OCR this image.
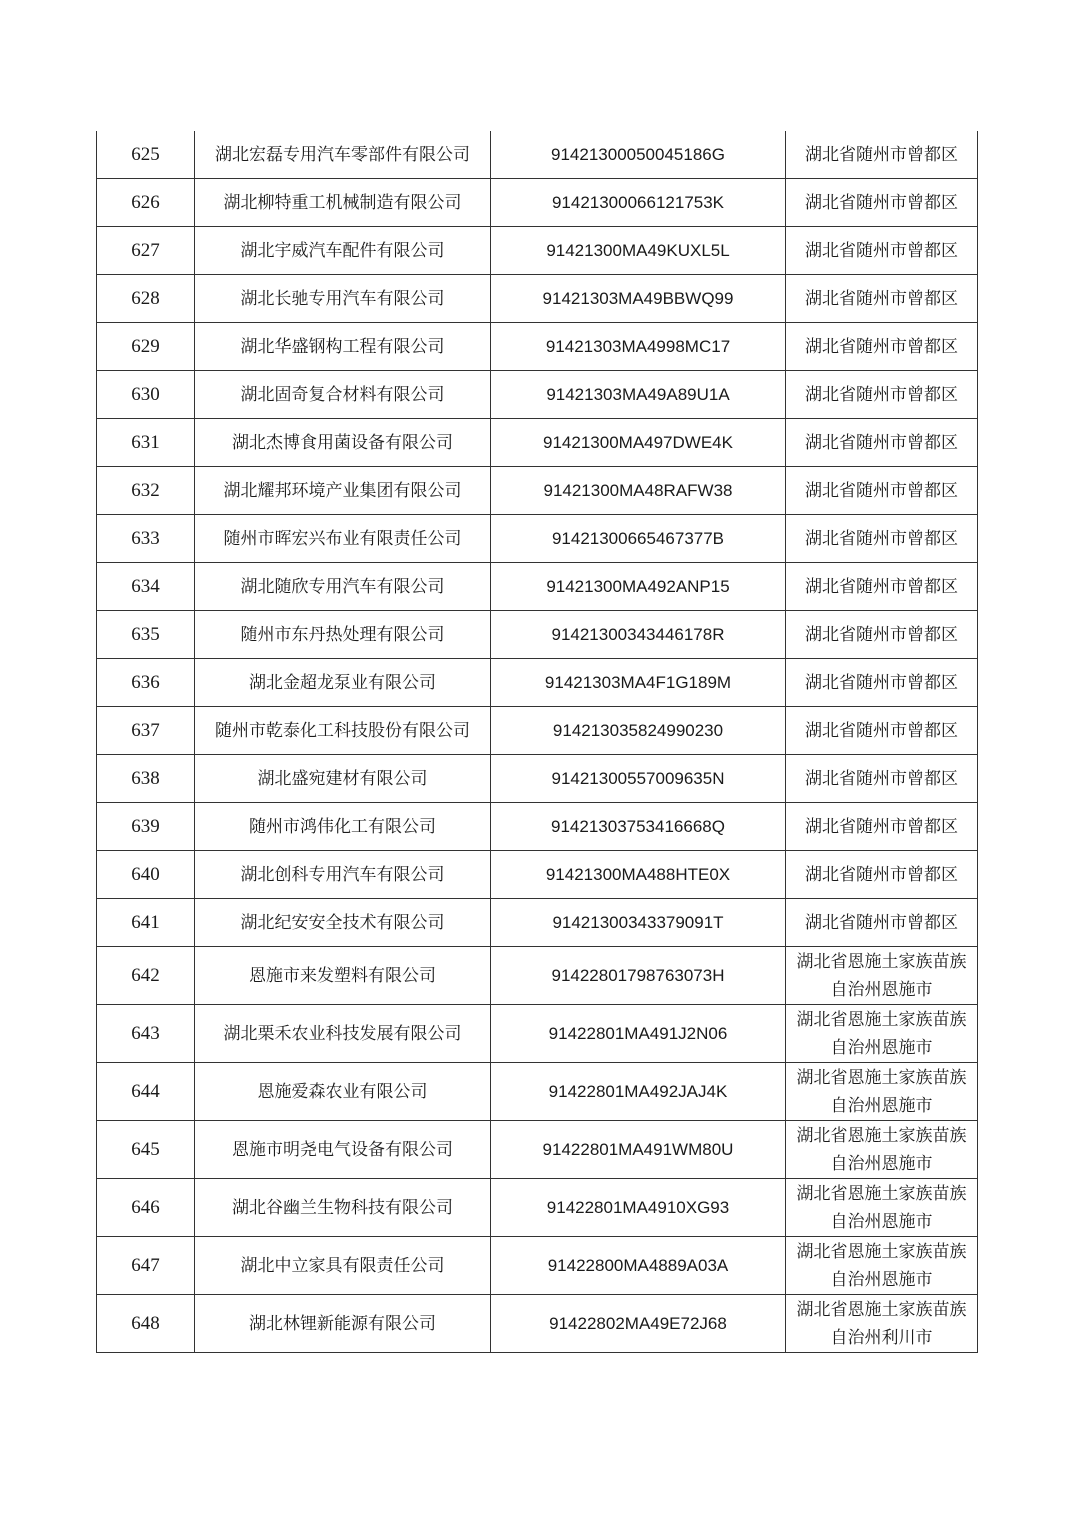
625	湖北宏磊专用汽车零部件有限公司	91421300050045186G	湖北省随州市曾都区

626	湖北柳特重工机械制造有限公司	91421300066121753K	湖北省随州市曾都区

627	湖北宇威汽车配件有限公司	91421300MA49KUXL5L	湖北省随州市曾都区

628	湖北长驰专用汽车有限公司	91421303MA49BBWQ99	湖北省随州市曾都区

629	湖北华盛钢构工程有限公司	91421303MA4998MC17	湖北省随州市曾都区

630	湖北固奇复合材料有限公司	91421303MA49A89U1A	湖北省随州市曾都区

631	湖北杰博食用菌设备有限公司	91421300MA497DWE4K	湖北省随州市曾都区

632	湖北耀邦环境产业集团有限公司	91421300MA48RAFW38	湖北省随州市曾都区

633	随州市晖宏兴布业有限责任公司	91421300665467377B	湖北省随州市曾都区

634	湖北随欣专用汽车有限公司	91421300MA492ANP15	湖北省随州市曾都区

635	随州市东丹热处理有限公司	91421300343446178R	湖北省随州市曾都区

636	湖北金超龙泵业有限公司	91421303MA4F1G189M	湖北省随州市曾都区

637	随州市乾泰化工科技股份有限公司	914213035824990230	湖北省随州市曾都区

638	湖北盛宛建材有限公司	91421300557009635N	湖北省随州市曾都区

639	随州市鸿伟化工有限公司	91421303753416668Q	湖北省随州市曾都区

640	湖北创科专用汽车有限公司	91421300MA488HTE0X	湖北省随州市曾都区

641	湖北纪安安全技术有限公司	91421300343379091T	湖北省随州市曾都区

642	恩施市来发塑料有限公司	91422801798763073H	湖北省恩施土家族苗族
自治州恩施市

643	湖北栗禾农业科技发展有限公司	91422801MA491J2N06	湖北省恩施土家族苗族
自治州恩施市

644	恩施爱森农业有限公司	91422801MA492JAJ4K	湖北省恩施土家族苗族
自治州恩施市

645	恩施市明尧电气设备有限公司	91422801MA491WM80U	湖北省恩施土家族苗族
自治州恩施市

646	湖北谷幽兰生物科技有限公司	91422801MA4910XG93	湖北省恩施土家族苗族
自治州恩施市

647	湖北中立家具有限责任公司	91422800MA4889A03A	湖北省恩施土家族苗族
自治州恩施市

648	湖北林锂新能源有限公司	91422802MA49E72J68	湖北省恩施土家族苗族
自治州利川市
